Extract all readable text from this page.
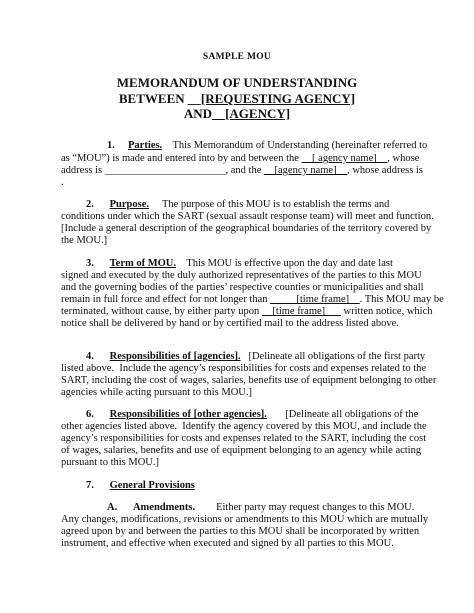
SAMPLE MOU
MEMORANDUM OF UNDERSTANDING
BETWEEN __[REQUESTING AGENCY]
AND__[AGENCY]
1. Parties. This Memorandum of Understanding (hereinafter referred to
as “MOU”) is made and entered into by and between the __[ agency name]__, whose
address is _______________________, and the __[agency name]__, whose address is
.
2. Purpose. The purpose of this MOU is to establish the terms and
conditions under which the SART (sexual assault response team) will meet and function.
[Include a general description of the geographical boundaries of the territory covered by
the MOU.]
3. Term of MOU. This MOU is effective upon the day and date last
signed and executed by the duly authorized representatives of the parties to this MOU
and the governing bodies of the parties’ respective counties or municipalities and shall
remain in full force and effect for not longer than _____[time frame]__. This MOU may be
terminated, without cause, by either party upon __[time frame]___ written notice, which
notice shall be delivered by hand or by certified mail to the address listed above.
4. Responsibilities of [agencies]. [Delineate all obligations of the first party
listed above.  Include the agency’s responsibilities for costs and expenses related to the
SART, including the cost of wages, salaries, benefits use of equipment belonging to other
agencies while acting pursuant to this MOU.]
6. Responsibilities of [other agencies]. [Delineate all obligations of the
other agencies listed above.  Identify the agency covered by this MOU, and include the
agency’s responsibilities for costs and expenses related to the SART, including the cost
of wages, salaries, benefits and use of equipment belonging to an agency while acting
pursuant to this MOU.]
7. General Provisions
A. Amendments. Either party may request changes to this MOU.
Any changes, modifications, revisions or amendments to this MOU which are mutually
agreed upon by and between the parties to this MOU shall be incorporated by written
instrument, and effective when executed and signed by all parties to this MOU.
